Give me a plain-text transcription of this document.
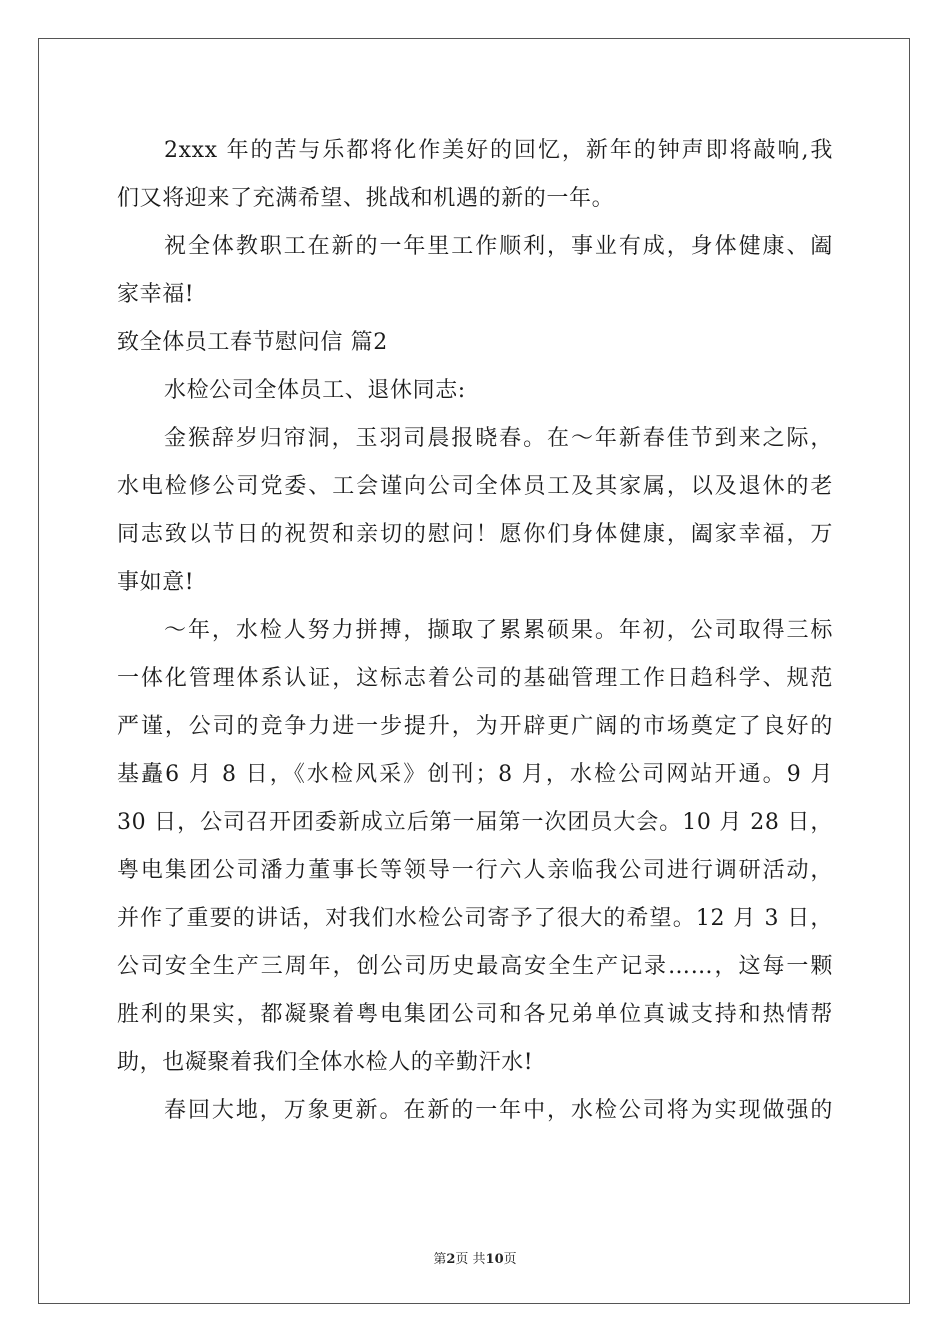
2xxx 年的苦与乐都将化作美好的回忆，新年的钟声即将敲响,我
们又将迎来了充满希望、挑战和机遇的新的一年。
祝全体教职工在新的一年里工作顺利，事业有成，身体健康、阖
家幸福!
致全体员工春节慰问信 篇2
水检公司全体员工、退休同志:
金猴辞岁归帘洞，玉羽司晨报晓春。在～年新春佳节到来之际，
水电检修公司党委、工会谨向公司全体员工及其家属，以及退休的老
同志致以节日的祝贺和亲切的慰问！愿你们身体健康，阖家幸福，万
事如意!
～年，水检人努力拼搏，撷取了累累硕果。年初，公司取得三标
一体化管理体系认证，这标志着公司的基础管理工作日趋科学、规范
严谨，公司的竞争力进一步提升，为开辟更广阔的市场奠定了良好的
基矗6 月 8 日，《水检风采》创刊；8 月，水检公司网站开通。9 月
30 日，公司召开团委新成立后第一届第一次团员大会。10 月 28 日，
粤电集团公司潘力董事长等领导一行六人亲临我公司进行调研活动，
并作了重要的讲话，对我们水检公司寄予了很大的希望。12 月 3 日，
公司安全生产三周年，创公司历史最高安全生产记录……，这每一颗
胜利的果实，都凝聚着粤电集团公司和各兄弟单位真诚支持和热情帮
助，也凝聚着我们全体水检人的辛勤汗水!
春回大地，万象更新。在新的一年中，水检公司将为实现做强的
第2页 共10页
